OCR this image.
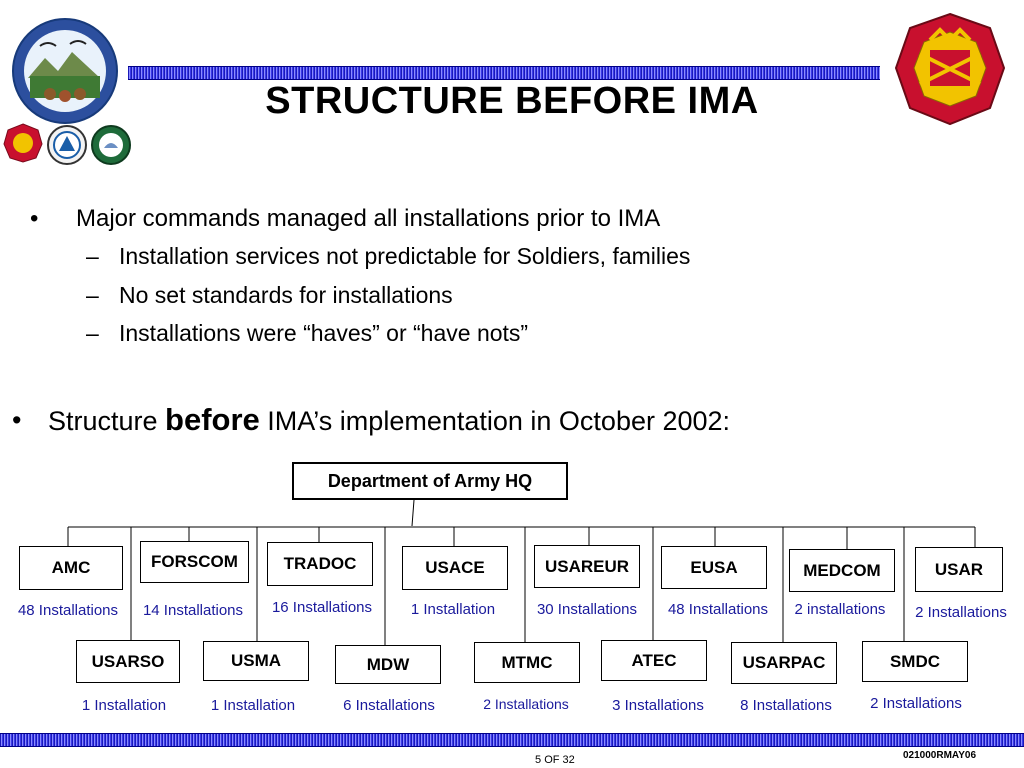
STRUCTURE BEFORE IMA
• Major commands managed all installations prior to IMA
– Installation services not predictable for Soldiers, families
– No set standards for installations
– Installations were “haves” or “have nots”
• Structure before IMA’s implementation in October 2002:
Department of Army HQ
AMC	FORSCOM	TRADOC	USACE	USAREUR	EUSA	MEDCOM	USAR
48 Installations	14 Installations	16 Installations	1 Installation	30 Installations	48 Installations	2 installations	2 Installations
USARSO	USMA	MDW	MTMC	ATEC	USARPAC	SMDC
1 Installation	1 Installation	6 Installations	2 Installations	3 Installations	8 Installations	2 Installations
021000RMAY06
5 OF 32
